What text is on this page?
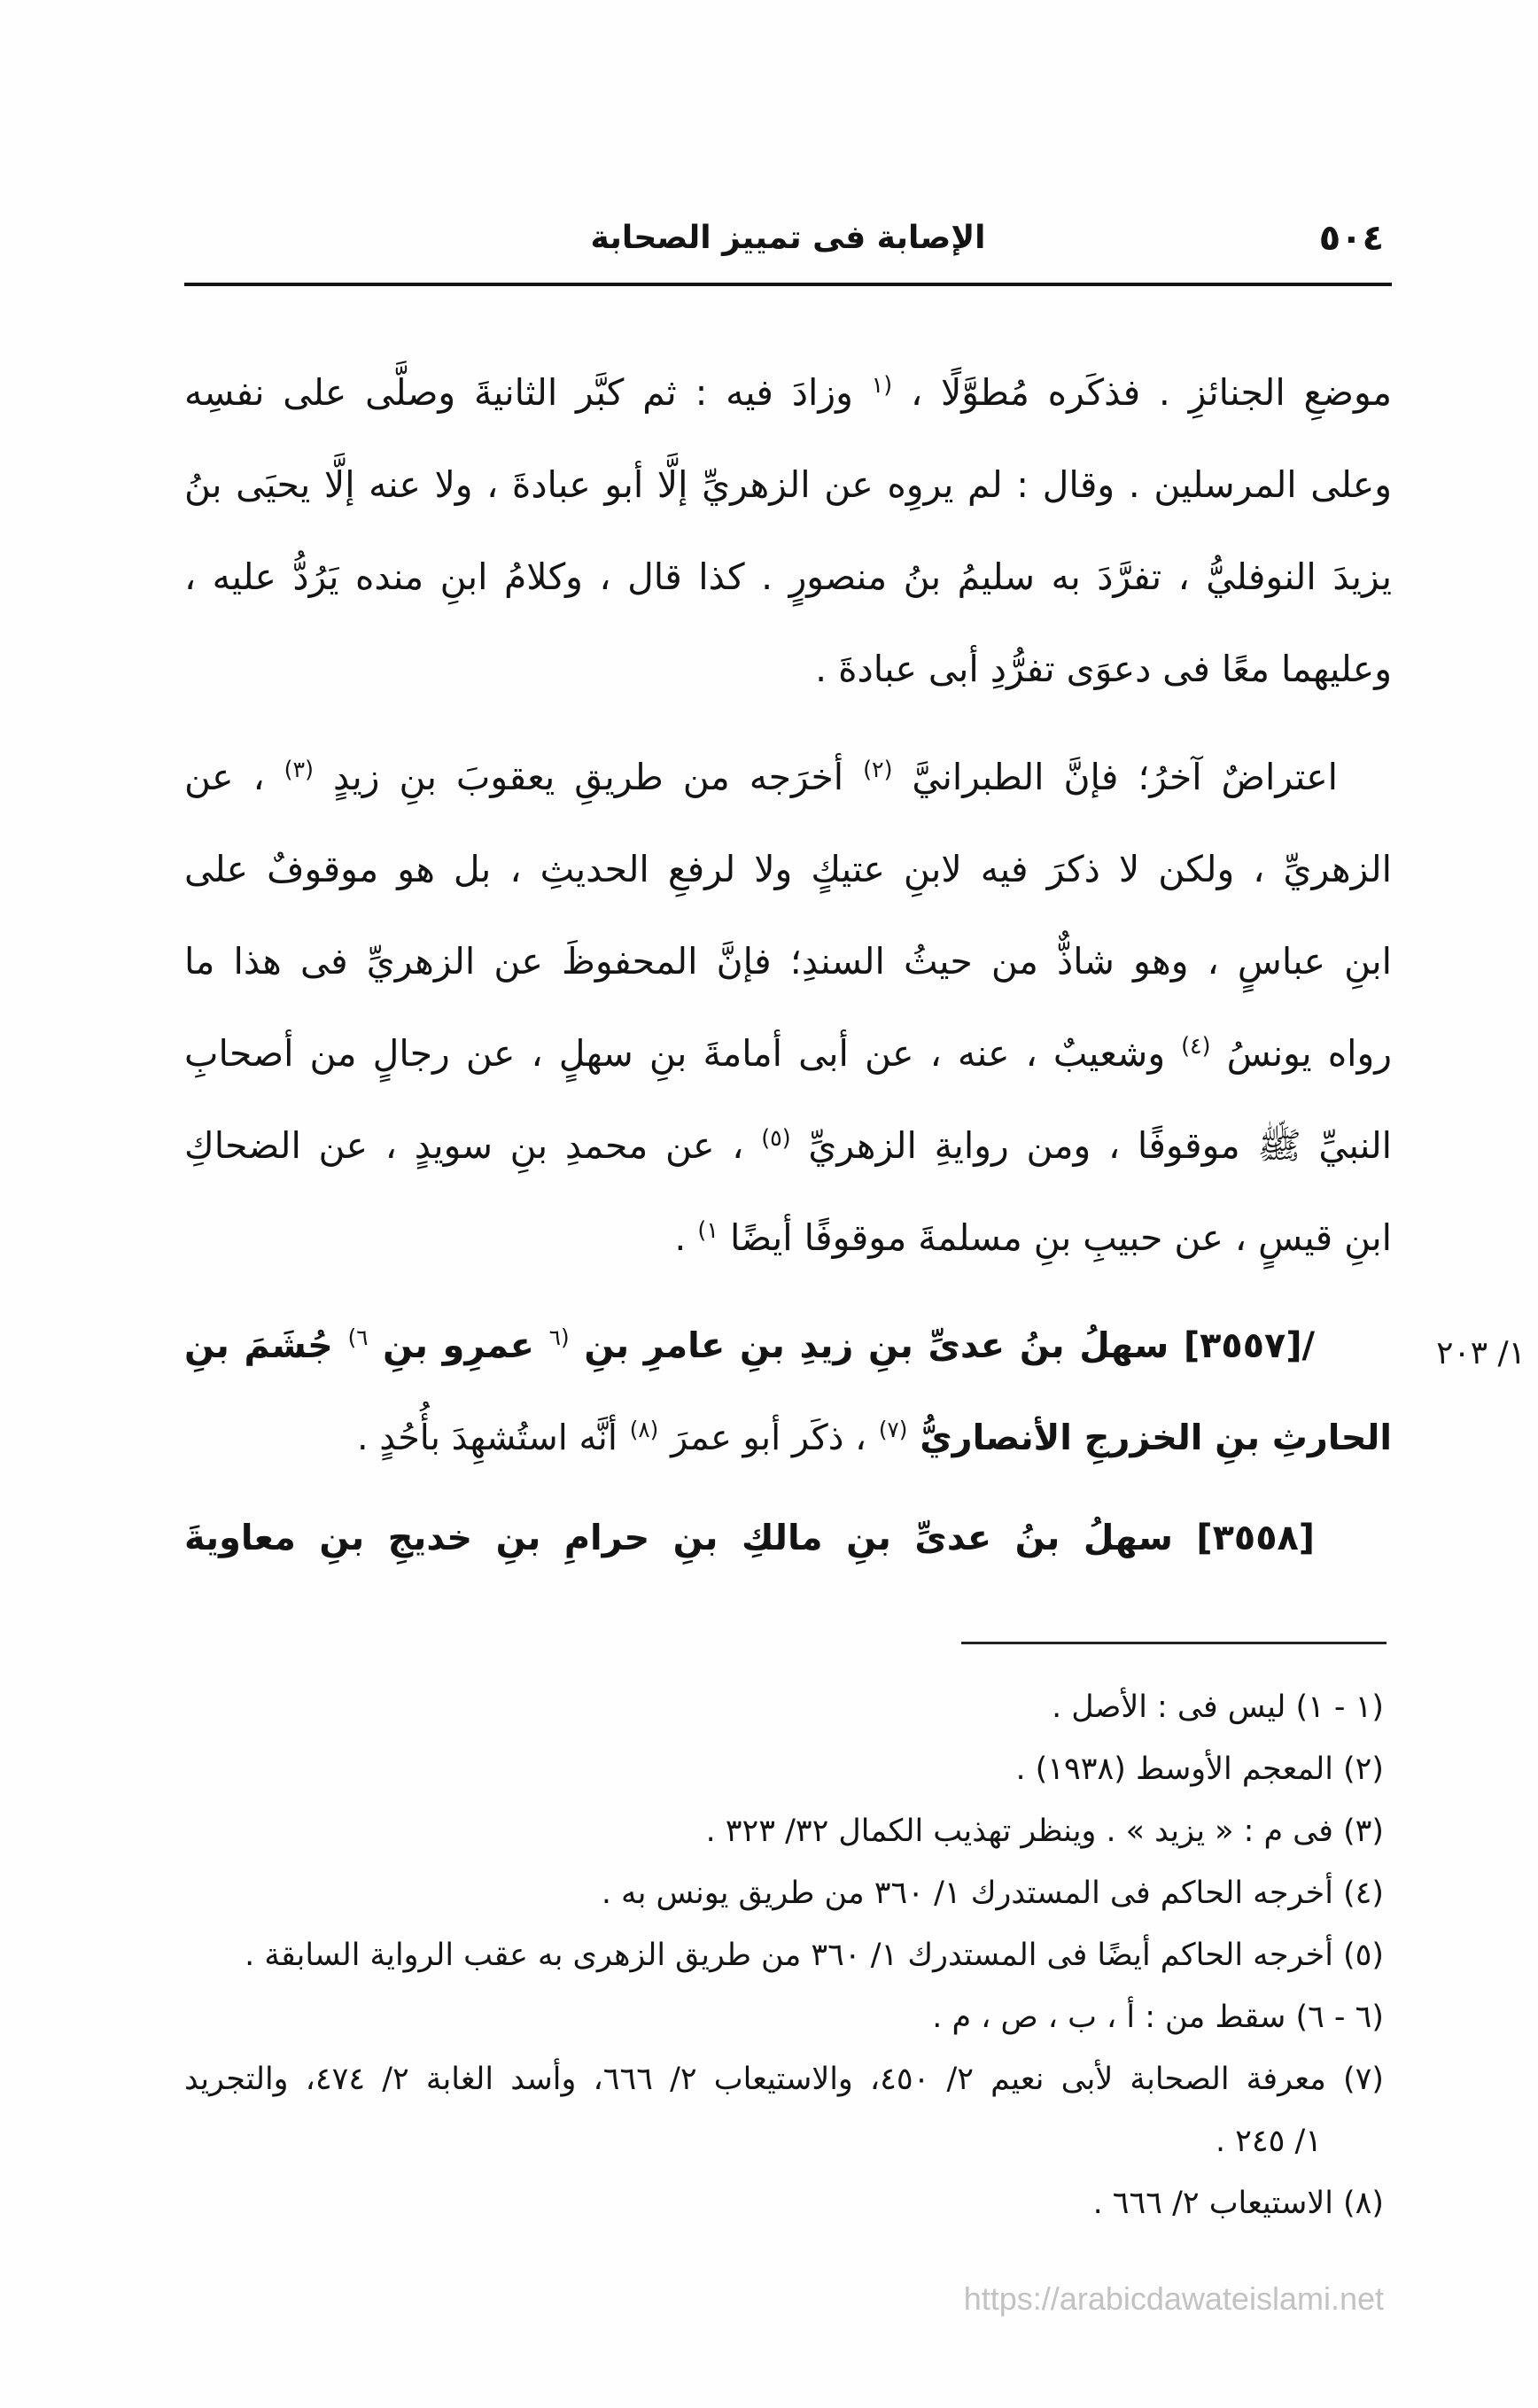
٥٠٤
الإصابة فى تمييز الصحابة
١/ ٢٠٣
موضعِ الجنائزِ . فذكَره مُطوَّلًا ، $^{(١}$ وزادَ فيه : ثم كبَّر الثانيةَ وصلَّى على نفسِه
وعلى المرسلين . وقال : لم يروِه عن الزهريِّ إلَّا أبو عبادةَ ، ولا عنه إلَّا يحيَى بنُ
يزيدَ النوفليُّ ، تفرَّدَ به سليمُ بنُ منصورٍ . كذا قال ، وكلامُ ابنِ منده يَرُدُّ عليه ،
وعليهما معًا فى دعوَى تفرُّدِ أبى عبادةَ .
اعتراضٌ آخرُ؛ فإنَّ الطبرانيَّ $^{(٢)}$ أخرَجه من طريقِ يعقوبَ بنِ زيدٍ $^{(٣)}$ ، عن
الزهريِّ ، ولكن لا ذكرَ فيه لابنِ عتيكٍ ولا لرفعِ الحديثِ ، بل هو موقوفٌ على
ابنِ عباسٍ ، وهو شاذٌّ من حيثُ السندِ؛ فإنَّ المحفوظَ عن الزهريِّ فى هذا ما
رواه يونسُ $^{(٤)}$ وشعيبٌ ، عنه ، عن أبى أمامةَ بنِ سهلٍ ، عن رجالٍ من أصحابِ
النبيِّ ﷺ موقوفًا ، ومن روايةِ الزهريِّ $^{(٥)}$ ، عن محمدِ بنِ سويدٍ ، عن الضحاكِ
ابنِ قيسٍ ، عن حبيبِ بنِ مسلمةَ موقوفًا أيضًا $^{١)}$ .
/[٣٥٥٧] سهلُ بنُ عدىِّ بنِ زيدِ بنِ عامرِ بنِ $^{(٦}$ عمرِو بنِ $^{٦)}$ جُشَمَ بنِ
الحارثِ بنِ الخزرجِ الأنصاريُّ $^{(٧)}$ ، ذكَر أبو عمرَ $^{(٨)}$ أنَّه استُشهِدَ بأُحُدٍ .
[٣٥٥٨] سهلُ بنُ عدىِّ بنِ مالكِ بنِ حرامِ بنِ خديجِ بنِ معاويةَ
(١ - ١) ليس فى : الأصل .
(٢) المعجم الأوسط (١٩٣٨) .
(٣) فى م : « يزيد » . وينظر تهذيب الكمال ٣٢/ ٣٢٣ .
(٤) أخرجه الحاكم فى المستدرك ١/ ٣٦٠ من طريق يونس به .
(٥) أخرجه الحاكم أيضًا فى المستدرك ١/ ٣٦٠ من طريق الزهرى به عقب الرواية السابقة .
(٦ - ٦) سقط من : أ ، ب ، ص ، م .
(٧) معرفة الصحابة لأبى نعيم ٢/ ٤٥٠، والاستيعاب ٢/ ٦٦٦، وأسد الغابة ٢/ ٤٧٤، والتجريد
١/ ٢٤٥ .
(٨) الاستيعاب ٢/ ٦٦٦ .
https://arabicdawateislami.net
